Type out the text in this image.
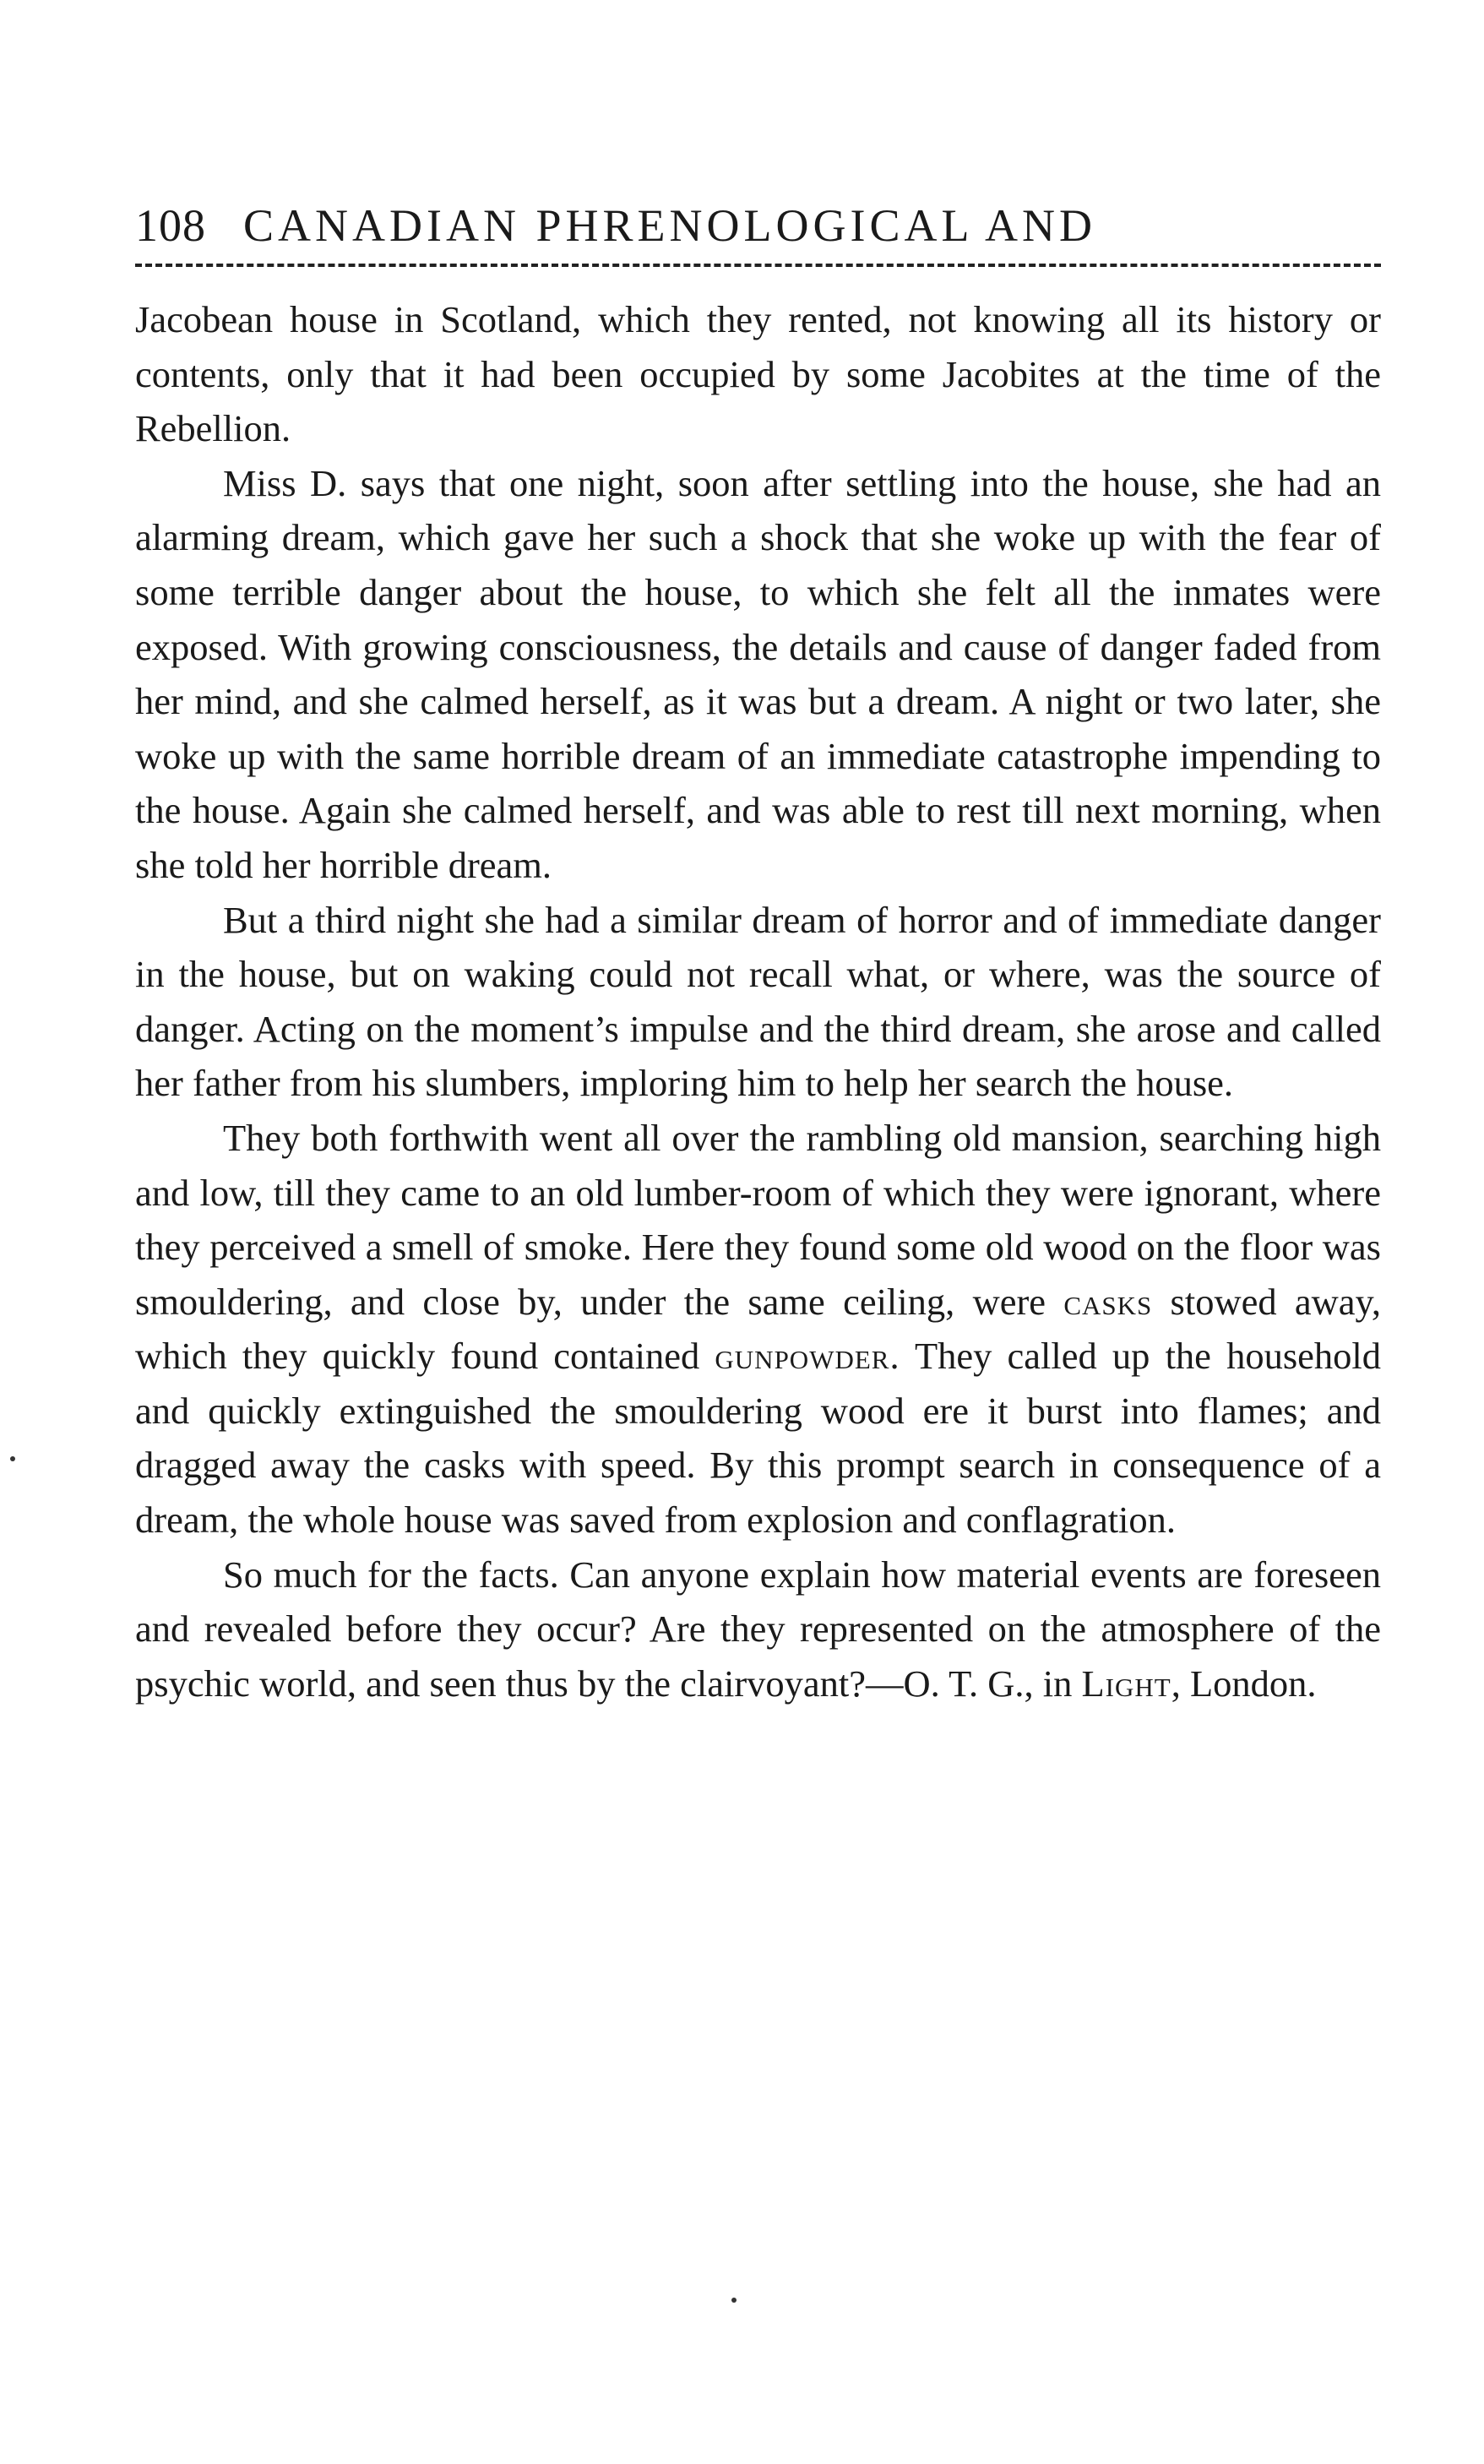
108 CANADIAN PHRENOLOGICAL AND

Jacobean house in Scotland, which they rented, not knowing all its history or contents, only that it had been occupied by some Jacobites at the time of the Rebellion.

Miss D. says that one night, soon after settling into the house, she had an alarming dream, which gave her such a shock that she woke up with the fear of some terrible danger about the house, to which she felt all the inmates were exposed. With growing consciousness, the details and cause of danger faded from her mind, and she calmed herself, as it was but a dream. A night or two later, she woke up with the same horrible dream of an immediate catastrophe impending to the house. Again she calmed herself, and was able to rest till next morning, when she told her horrible dream.

But a third night she had a similar dream of horror and of immediate danger in the house, but on waking could not recall what, or where, was the source of danger. Acting on the moment’s impulse and the third dream, she arose and called her father from his slumbers, imploring him to help her search the house.

They both forthwith went all over the rambling old mansion, searching high and low, till they came to an old lumber-room of which they were ignorant, where they perceived a smell of smoke. Here they found some old wood on the floor was smouldering, and close by, under the same ceiling, were casks stowed away, which they quickly found contained gunpowder. They called up the household and quickly extinguished the smouldering wood ere it burst into flames; and dragged away the casks with speed. By this prompt search in consequence of a dream, the whole house was saved from explosion and conflagration.

So much for the facts. Can anyone explain how material events are foreseen and revealed before they occur? Are they represented on the atmosphere of the psychic world, and seen thus by the clairvoyant?—O. T. G., in Light, London.
